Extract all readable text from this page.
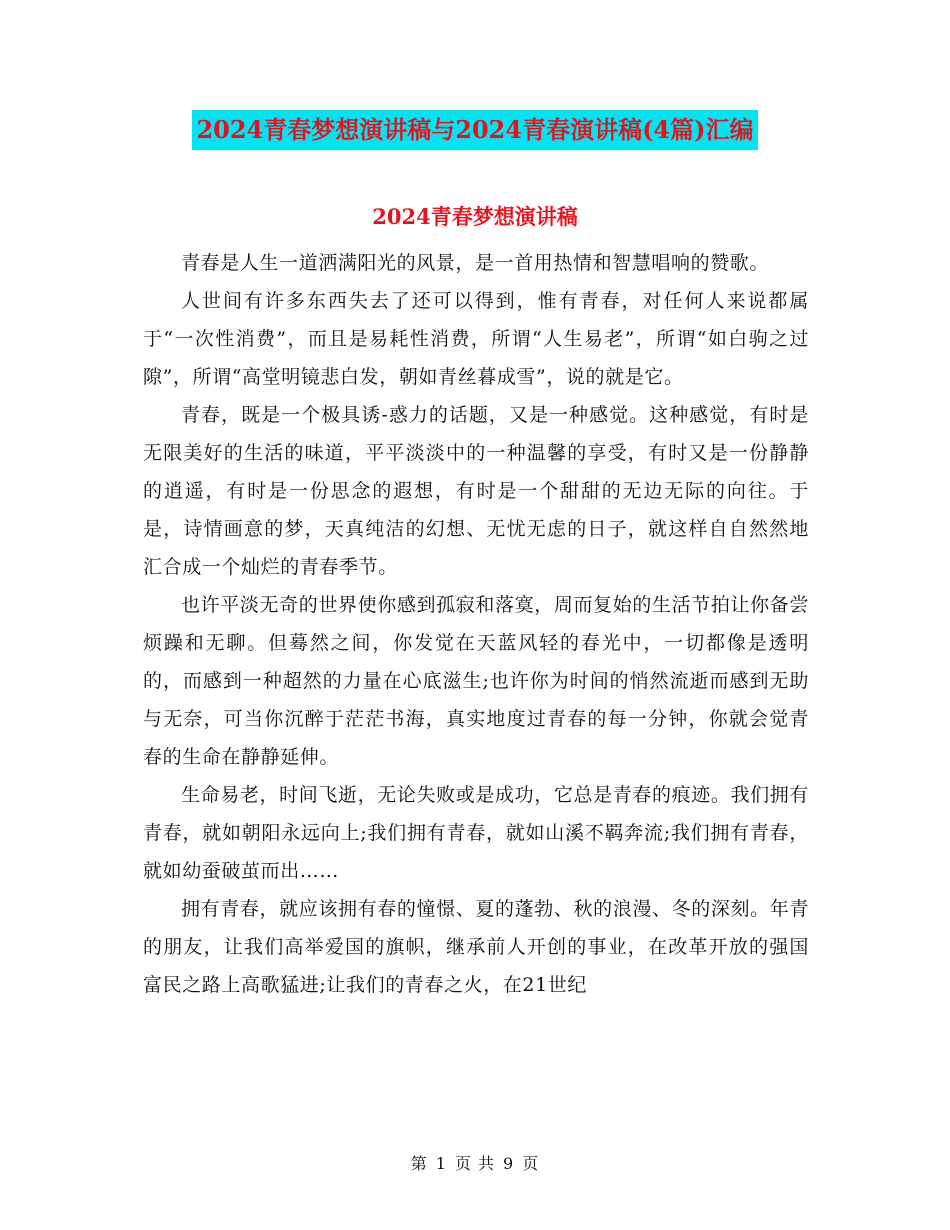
2024青春梦想演讲稿与2024青春演讲稿(4篇)汇编
2024青春梦想演讲稿

青春是人生一道洒满阳光的风景，是一首用热情和智慧唱响的赞歌。

人世间有许多东西失去了还可以得到，惟有青春，对任何人来说都属于“一次性消费”，而且是易耗性消费，所谓“人生易老”，所谓“如白驹之过隙”，所谓“高堂明镜悲白发，朝如青丝暮成雪”，说的就是它。

青春，既是一个极具诱-惑力的话题，又是一种感觉。这种感觉，有时是无限美好的生活的味道，平平淡淡中的一种温馨的享受，有时又是一份静静的逍遥，有时是一份思念的遐想，有时是一个甜甜的无边无际的向往。于是，诗情画意的梦，天真纯洁的幻想、无忧无虑的日子，就这样自自然然地汇合成一个灿烂的青春季节。

也许平淡无奇的世界使你感到孤寂和落寞，周而复始的生活节拍让你备尝烦躁和无聊。但蓦然之间，你发觉在天蓝风轻的春光中，一切都像是透明的，而感到一种超然的力量在心底滋生;也许你为时间的悄然流逝而感到无助与无奈，可当你沉醉于茫茫书海，真实地度过青春的每一分钟，你就会觉青春的生命在静静延伸。

生命易老，时间飞逝，无论失败或是成功，它总是青春的痕迹。我们拥有青春，就如朝阳永远向上;我们拥有青春，就如山溪不羁奔流;我们拥有青春，就如幼蚕破茧而出……

拥有青春，就应该拥有春的憧憬、夏的蓬勃、秋的浪漫、冬的深刻。年青的朋友，让我们高举爱国的旗帜，继承前人开创的事业，在改革开放的强国富民之路上高歌猛进;让我们的青春之火，在21世纪

第 1 页 共 9 页
